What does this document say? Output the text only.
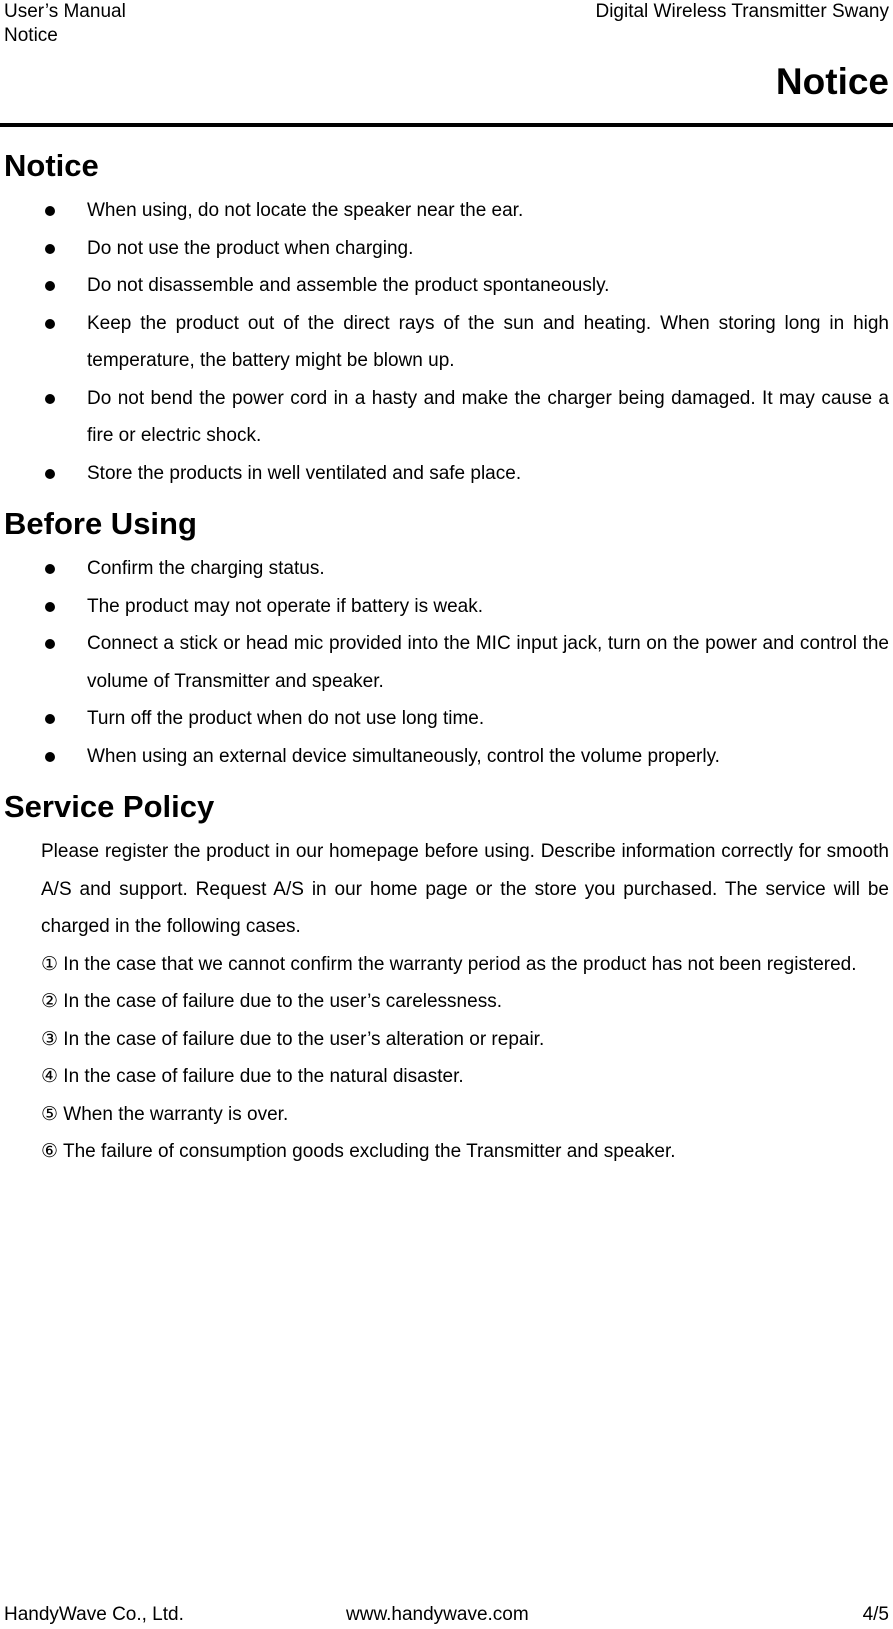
User’s Manual
Notice
Digital Wireless Transmitter Swany
Notice
Notice
When using, do not locate the speaker near the ear.
Do not use the product when charging.
Do not disassemble and assemble the product spontaneously.
Keep the product out of the direct rays of the sun and heating. When storing long in high temperature, the battery might be blown up.
Do not bend the power cord in a hasty and make the charger being damaged. It may cause a fire or electric shock.
Store the products in well ventilated and safe place.
Before Using
Confirm the charging status.
The product may not operate if battery is weak.
Connect a stick or head mic provided into the MIC input jack, turn on the power and control the volume of Transmitter and speaker.
Turn off the product when do not use long time.
When using an external device simultaneously, control the volume properly.
Service Policy

Please register the product in our homepage before using. Describe information correctly for smooth A/S and support. Request A/S in our home page or the store you purchased. The service will be charged in the following cases.

① In the case that we cannot confirm the warranty period as the product has not been registered.

② In the case of failure due to the user’s carelessness.

③ In the case of failure due to the user’s alteration or repair.

④ In the case of failure due to the natural disaster.

⑤ When the warranty is over.

⑥ The failure of consumption goods excluding the Transmitter and speaker.

HandyWave Co., Ltd.	www.handywave.com	4/5
